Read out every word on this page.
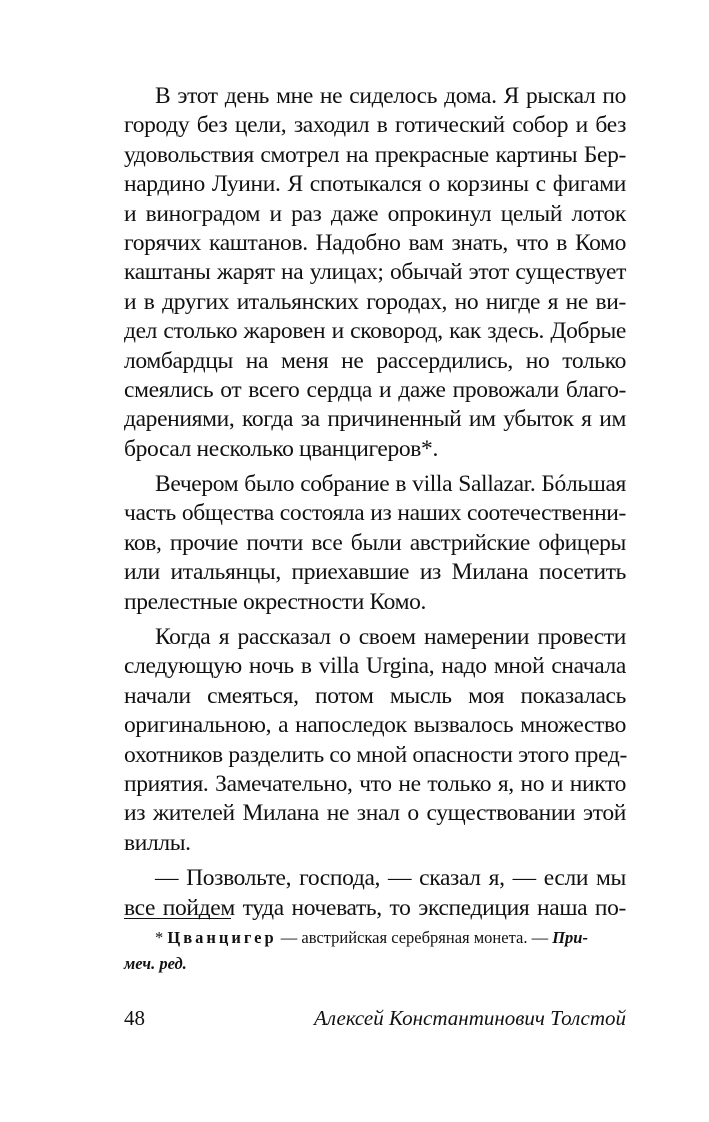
В этот день мне не сиделось дома. Я рыскал по
городу без цели, заходил в готический собор и без
удовольствия смотрел на прекрасные картины Бер-
нардино Луини. Я спотыкался о корзины с фигами
и виноградом и раз даже опрокинул целый лоток
горячих каштанов. Надобно вам знать, что в Комо
каштаны жарят на улицах; обычай этот существует
и в других итальянских городах, но нигде я не ви-
дел столько жаровен и сковород, как здесь. Добрые
ломбардцы на меня не рассердились, но только
смеялись от всего сердца и даже провожали благо-
дарениями, когда за причиненный им убыток я им
бросал несколько цванцигеров*.
Вечером было собрание в villa Sallazar. Бóльшая
часть общества состояла из наших соотечественни-
ков, прочие почти все были австрийские офицеры
или итальянцы, приехавшие из Милана посетить
прелестные окрестности Комо.
Когда я рассказал о своем намерении провести
следующую ночь в villa Urgina, надо мной сначала
начали смеяться, потом мысль моя показалась
оригинальною, а напоследок вызвалось множество
охотников разделить со мной опасности этого пред-
приятия. Замечательно, что не только я, но и никто
из жителей Милана не знал о существовании этой
виллы.
— Позвольте, господа, — сказал я, — если мы
все пойдем туда ночевать, то экспедиция наша по-
* Цванцигер — австрийская серебряная монета. — При-
меч. ред.
48	Алексей Константинович Толстой
